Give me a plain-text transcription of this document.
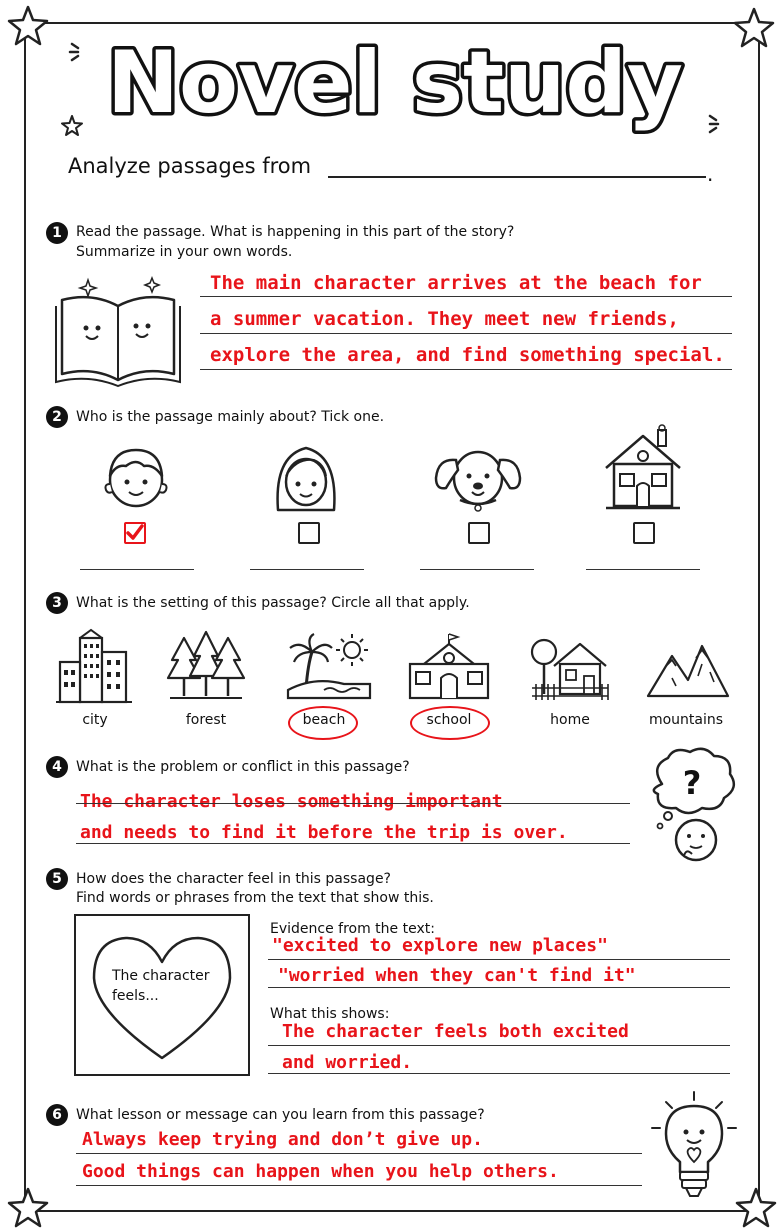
Novel study
Analyze passages from	.
1	Read the passage. What is happening in this part of the story?
Summarize in your own words.
The main character arrives at the beach for
a summer vacation. They meet new friends,
explore the area, and find something special.
2	Who is the passage mainly about? Tick one.
3	What is the setting of this passage? Circle all that apply.
city	forest	beach	school	home	mountains
4	What is the problem or conflict in this passage?
The character loses something important
and needs to find it before the trip is over.
?
5	How does the character feel in this passage?
Find words or phrases from the text that show this.
The character
feels...
Evidence from the text:
"excited to explore new places"
"worried when they can't find it"
What this shows:
The character feels both excited
and worried.
6	What lesson or message can you learn from this passage?
Always keep trying and don’t give up.
Good things can happen when you help others.
